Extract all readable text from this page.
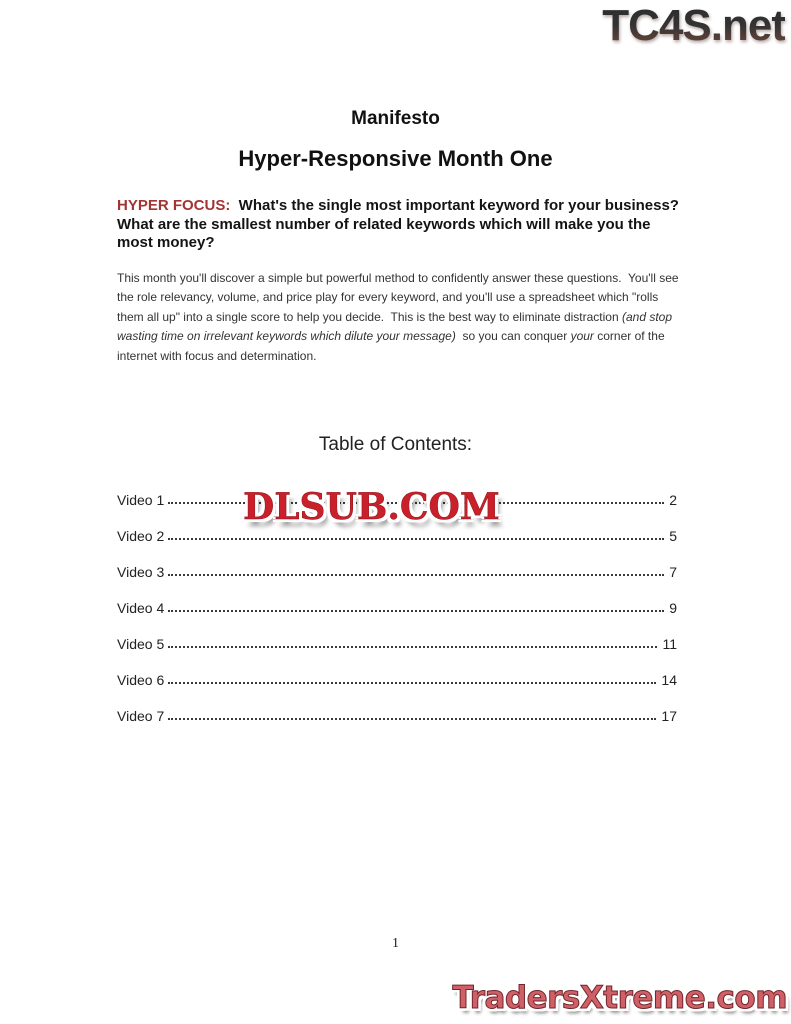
TC4S.net
Manifesto
Hyper-Responsive Month One

HYPER FOCUS:  What's the single most important keyword for your business?  What are the smallest number of related keywords which will make you the most money?

This month you'll discover a simple but powerful method to confidently answer these questions.  You'll see the role relevancy, volume, and price play for every keyword, and you'll use a spreadsheet which "rolls them all up" into a single score to help you decide.  This is the best way to eliminate distraction (and stop wasting time on irrelevant keywords which dilute your message)  so you can conquer your corner of the internet with focus and determination.

Table of Contents:
Video 1	2
Video 2	5
Video 3	7
Video 4	9
Video 5	11
Video 6	14
Video 7	17
DLSUB.COM
1
TradersXtreme.com
